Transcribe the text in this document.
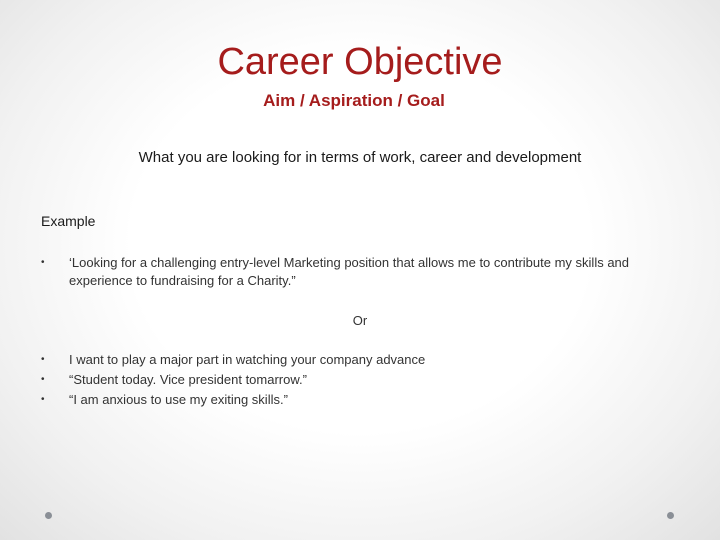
Career Objective
Aim / Aspiration / Goal
What you are looking for in terms of work, career and development
Example
• ‘Looking for a challenging entry-level Marketing position that allows me to contribute my skills and experience to fundraising for a Charity.”
Or
• I want to play a major part in watching your company advance
• “Student today. Vice president tomarrow.”
• “I am anxious to use my exiting skills.”
